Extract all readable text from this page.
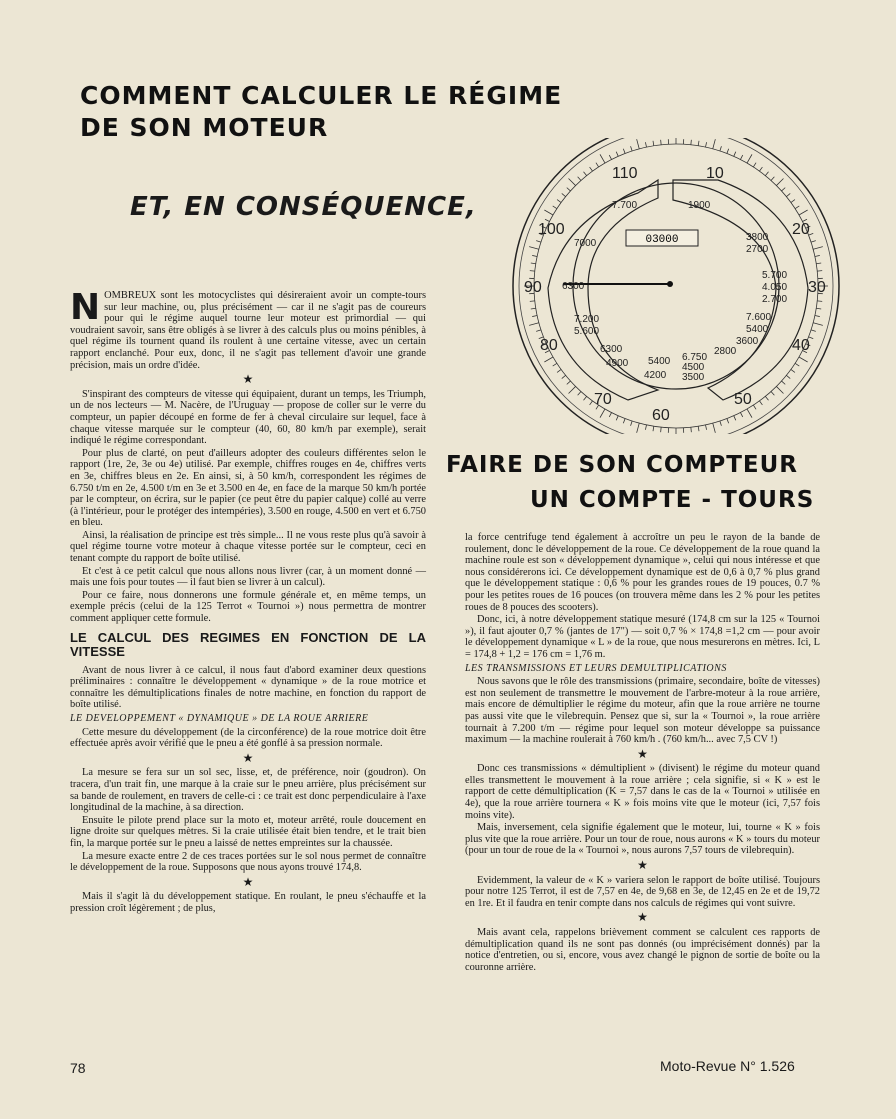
COMMENT CALCULER LE RÉGIME
DE SON MOTEUR
ET, EN CONSÉQUENCE,
03000
110	10
100	20
90	30
80	40
70
60
50
7.700	1900
7000
3800
2700
6300
5.700
4.050
2.700
7.200
5.600
7.600
5400
3600
2800
6300
4900 5400
4200
6.750
4500
3500
FAIRE DE SON COMPTEUR
UN COMPTE - TOURS

NOMBREUX sont les motocyclistes qui désireraient avoir un compte-tours sur leur machine, ou, plus précisément — car il ne s'agit pas de coureurs pour qui le régime auquel tourne leur moteur est primordial — qui voudraient savoir, sans être obligés à se livrer à des calculs plus ou moins pénibles, à quel régime ils tournent quand ils roulent à une certaine vitesse, avec un certain rapport enclanché. Pour eux, donc, il ne s'agit pas tellement d'avoir une grande précision, mais un ordre d'idée.

★

S'inspirant des compteurs de vitesse qui équipaient, durant un temps, les Triumph, un de nos lecteurs — M. Nacère, de l'Uruguay — propose de coller sur le verre du compteur, un papier découpé en forme de fer à cheval circulaire sur lequel, face à chaque vitesse marquée sur le compteur (40, 60, 80 km/h par exemple), serait indiqué le régime correspondant.

Pour plus de clarté, on peut d'ailleurs adopter des couleurs différentes selon le rapport (1re, 2e, 3e ou 4e) utilisé. Par exemple, chiffres rouges en 4e, chiffres verts en 3e, chiffres bleus en 2e. En ainsi, si, à 50 km/h, correspondent les régimes de 6.750 t/m en 2e, 4.500 t/m en 3e et 3.500 en 4e, en face de la marque 50 km/h portée par le compteur, on écrira, sur le papier (ce peut être du papier calque) collé au verre (à l'intérieur, pour le protéger des intempéries), 3.500 en rouge, 4.500 en vert et 6.750 en bleu.

Ainsi, la réalisation de principe est très simple... Il ne vous reste plus qu'à savoir à quel régime tourne votre moteur à chaque vitesse portée sur le compteur, ceci en tenant compte du rapport de boîte utilisé.

Et c'est à ce petit calcul que nous allons nous livrer (car, à un moment donné — mais une fois pour toutes — il faut bien se livrer à un calcul).

Pour ce faire, nous donnerons une formule générale et, en même temps, un exemple précis (celui de la 125 Terrot « Tournoi ») nous permettra de montrer comment appliquer cette formule.

LE CALCUL DES REGIMES EN FONCTION DE LA VITESSE

Avant de nous livrer à ce calcul, il nous faut d'abord examiner deux questions préliminaires : connaître le développement « dynamique » de la roue motrice et connaître les démultiplications finales de notre machine, en fonction du rapport de boîte utilisé.

LE DEVELOPPEMENT « DYNAMIQUE » DE LA ROUE ARRIERE

Cette mesure du développement (de la circonférence) de la roue motrice doit être effectuée après avoir vérifié que le pneu a été gonflé à sa pression normale.

★

La mesure se fera sur un sol sec, lisse, et, de préférence, noir (goudron). On tracera, d'un trait fin, une marque à la craie sur le pneu arrière, plus précisément sur sa bande de roulement, en travers de celle-ci : ce trait est donc perpendiculaire à l'axe longitudinal de la machine, à sa direction.

Ensuite le pilote prend place sur la moto et, moteur arrêté, roule doucement en ligne droite sur quelques mètres. Si la craie utilisée était bien tendre, et le trait bien fin, la marque portée sur le pneu a laissé de nettes empreintes sur la chaussée.

La mesure exacte entre 2 de ces traces portées sur le sol nous permet de connaître le développement de la roue. Supposons que nous ayons trouvé 174,8.

★

Mais il s'agit là du développement statique. En roulant, le pneu s'échauffe et la pression croît légèrement ; de plus,

la force centrifuge tend également à accroître un peu le rayon de la bande de roulement, donc le développement de la roue. Ce développement de la roue quand la machine roule est son « développement dynamique », celui qui nous intéresse et que nous considérerons ici. Ce développement dynamique est de 0,6 à 0,7 % plus grand que le développement statique : 0,6 % pour les grandes roues de 19 pouces, 0.7 % pour les petites roues de 16 pouces (on trouvera même dans les 2 % pour les petites roues de 8 pouces des scooters).

Donc, ici, à notre développement statique mesuré (174,8 cm sur la 125 « Tournoi »), il faut ajouter 0,7 % (jantes de 17") — soit 0,7 % × 174,8 =1,2 cm — pour avoir le développement dynamique « L » de la roue, que nous mesurerons en mètres. Ici, L = 174,8 + 1,2 = 176 cm = 1,76 m.

LES TRANSMISSIONS ET LEURS DEMULTIPLICATIONS

Nous savons que le rôle des transmissions (primaire, secondaire, boîte de vitesses) est non seulement de transmettre le mouvement de l'arbre-moteur à la roue arrière, mais encore de démultiplier le régime du moteur, afin que la roue arrière ne tourne pas aussi vite que le vilebrequin. Pensez que si, sur la « Tournoi », la roue arrière tournait à 7.200 t/m — régime pour lequel son moteur développe sa puissance maximum — la machine roulerait à 760 km/h . (760 km/h... avec 7,5 CV !)

★

Donc ces transmissions « démultiplient » (divisent) le régime du moteur quand elles transmettent le mouvement à la roue arrière ; cela signifie, si « K » est le rapport de cette démultiplication (K = 7,57 dans le cas de la « Tournoi » utilisée en 4e), que la roue arrière tournera « K » fois moins vite que le moteur (ici, 7,57 fois moins vite).

Mais, inversement, cela signifie également que le moteur, lui, tourne « K » fois plus vite que la roue arrière. Pour un tour de roue, nous aurons « K » tours du moteur (pour un tour de roue de la « Tournoi », nous aurons 7,57 tours de vilebrequin).

★

Evidemment, la valeur de « K » variera selon le rapport de boîte utilisé. Toujours pour notre 125 Terrot, il est de 7,57 en 4e, de 9,68 en 3e, de 12,45 en 2e et de 19,72 en 1re. Et il faudra en tenir compte dans nos calculs de régimes qui vont suivre.

★

Mais avant cela, rappelons brièvement comment se calculent ces rapports de démultiplication quand ils ne sont pas donnés (ou imprécisément donnés) par la notice d'entretien, ou si, encore, vous avez changé le pignon de sortie de boîte ou la couronne arrière.

78	Moto-Revue N° 1.526
